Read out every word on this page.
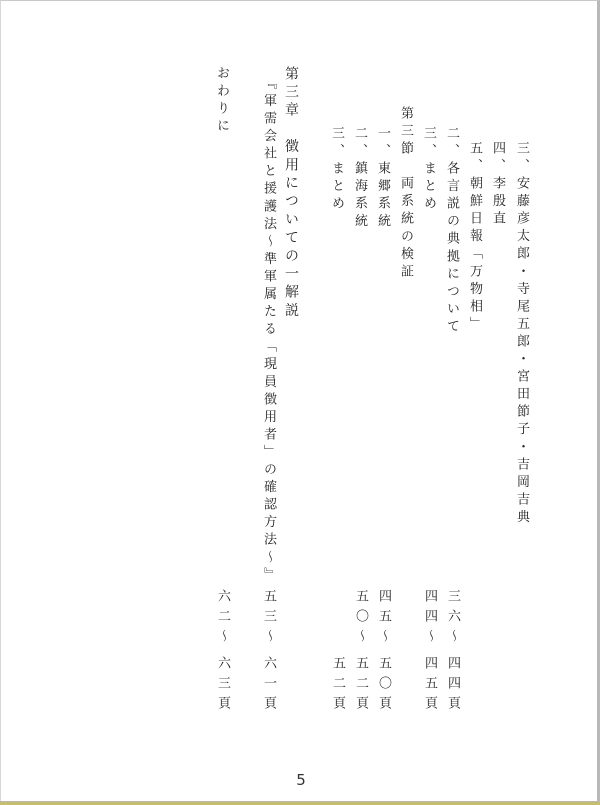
三、安藤彦太郎・寺尾五郎・宮田節子・吉岡吉典
四、李殷直
五、朝鮮日報「万物相」
二、各言説の典拠について
三、まとめ
第三節　両系統の検証
一、東郷系統
二、鎮海系統
三、まとめ
第三章　徴用についての一解説
『軍需会社と援護法～準軍属たる「現員徴用者」の確認方法～』
おわりに
三六～
四四～
四五～
五〇～
五三～
六二～
四四頁
四五頁
五〇頁
五二頁
五二頁
六一頁
六三頁
5
